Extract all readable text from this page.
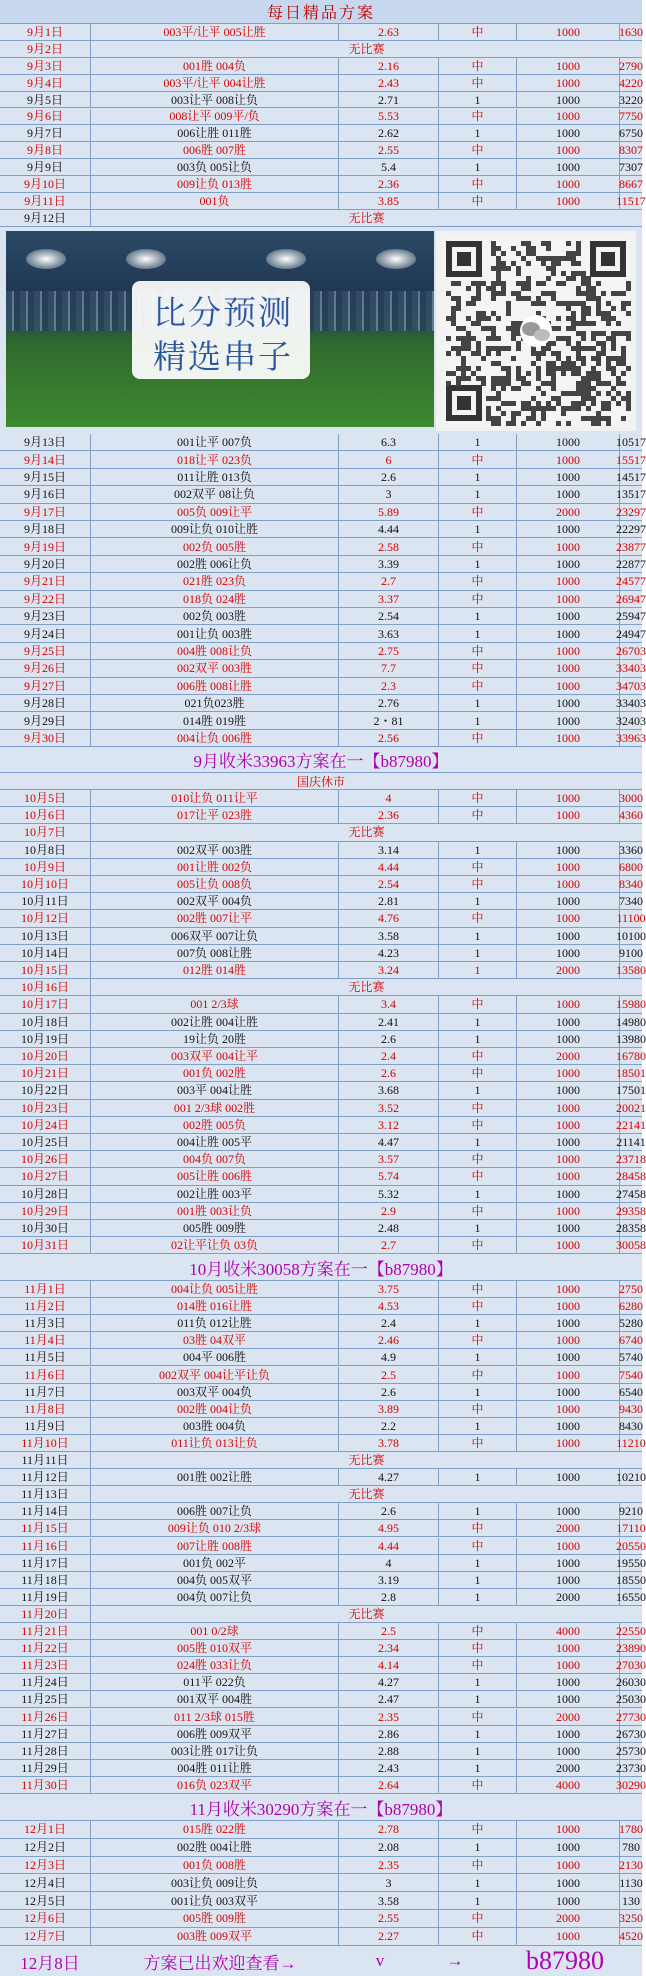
每日精品方案
9月1日	003平/让平 005让胜	2.63	中	1000	1630
9月2日	无比赛
9月3日	001胜 004负	2.16	中	1000	2790
9月4日	003平/让平 004让胜	2.43	中	1000	4220
9月5日	003让平 008让负	2.71	1	1000	3220
9月6日	008让平 009平/负	5.53	中	1000	7750
9月7日	006让胜 011胜	2.62	1	1000	6750
9月8日	006胜 007胜	2.55	中	1000	8307
9月9日	003负 005让负	5.4	1	1000	7307
9月10日	009让负 013胜	2.36	中	1000	8667
9月11日	001负	3.85	中	1000	11517
9月12日	无比赛
比分预测
精选串子
9月13日	001让平 007负	6.3	1	1000	10517
9月14日	018让平 023负	6	中	1000	15517
9月15日	011让胜 013负	2.6	1	1000	14517
9月16日	002双平 08让负	3	1	1000	13517
9月17日	005负 009让平	5.89	中	2000	23297
9月18日	009让负 010让胜	4.44	1	1000	22297
9月19日	002负 005胜	2.58	中	1000	23877
9月20日	002胜 006让负	3.39	1	1000	22877
9月21日	021胜 023负	2.7	中	1000	24577
9月22日	018负 024胜	3.37	中	1000	26947
9月23日	002负 003胜	2.54	1	1000	25947
9月24日	001让负 003胜	3.63	1	1000	24947
9月25日	004胜 008让负	2.75	中	1000	26703
9月26日	002双平 003胜	7.7	中	1000	33403
9月27日	006胜 008让胜	2.3	中	1000	34703
9月28日	021负023胜	2.76	1	1000	33403
9月29日	014胜 019胜	2・81	1	1000	32403
9月30日	004让负 006胜	2.56	中	1000	33963
9月收米33963方案在一【b87980】
国庆休市
10月5日	010让负 011让平	4	中	1000	3000
10月6日	017让平 023胜	2.36	中	1000	4360
10月7日	无比赛
10月8日	002双平 003胜	3.14	1	1000	3360
10月9日	001让胜 002负	4.44	中	1000	6800
10月10日	005让负 008负	2.54	中	1000	8340
10月11日	002双平 004负	2.81	1	1000	7340
10月12日	002胜 007让平	4.76	中	1000	11100
10月13日	006双平 007让负	3.58	1	1000	10100
10月14日	007负 008让胜	4.23	1	1000	9100
10月15日	012胜 014胜	3.24	1	2000	13580
10月16日	无比赛
10月17日	001 2/3球	3.4	中	1000	15980
10月18日	002让胜 004让胜	2.41	1	1000	14980
10月19日	19让负 20胜	2.6	1	1000	13980
10月20日	003双平 004让平	2.4	中	2000	16780
10月21日	001负 002胜	2.6	中	1000	18501
10月22日	003平 004让胜	3.68	1	1000	17501
10月23日	001 2/3球 002胜	3.52	中	1000	20021
10月24日	002胜 005负	3.12	中	1000	22141
10月25日	004让胜 005平	4.47	1	1000	21141
10月26日	004负 007负	3.57	中	1000	23718
10月27日	005让胜 006胜	5.74	中	1000	28458
10月28日	002让胜 003平	5.32	1	1000	27458
10月29日	001胜 003让负	2.9	中	1000	29358
10月30日	005胜 009胜	2.48	1	1000	28358
10月31日	02让平让负 03负	2.7	中	1000	30058
10月收米30058方案在一【b87980】
11月1日	004让负 005让胜	3.75	中	1000	2750
11月2日	014胜 016让胜	4.53	中	1000	6280
11月3日	011负 012让胜	2.4	1	1000	5280
11月4日	03胜 04双平	2.46	中	1000	6740
11月5日	004平 006胜	4.9	1	1000	5740
11月6日	002双平 004让平让负	2.5	中	1000	7540
11月7日	003双平 004负	2.6	1	1000	6540
11月8日	002胜 004让负	3.89	中	1000	9430
11月9日	003胜 004负	2.2	1	1000	8430
11月10日	011让负 013让负	3.78	中	1000	11210
11月11日	无比赛
11月12日	001胜 002让胜	4.27	1	1000	10210
11月13日	无比赛
11月14日	006胜 007让负	2.6	1	1000	9210
11月15日	009让负 010 2/3球	4.95	中	2000	17110
11月16日	007让胜 008胜	4.44	中	1000	20550
11月17日	001负 002平	4	1	1000	19550
11月18日	004负 005双平	3.19	1	1000	18550
11月19日	004负 007让负	2.8	1	2000	16550
11月20日	无比赛
11月21日	001 0/2球	2.5	中	4000	22550
11月22日	005胜 010双平	2.34	中	1000	23890
11月23日	024胜 033让负	4.14	中	1000	27030
11月24日	011平 022负	4.27	1	1000	26030
11月25日	001双平 004胜	2.47	1	1000	25030
11月26日	011 2/3球 015胜	2.35	中	2000	27730
11月27日	006胜 009双平	2.86	1	1000	26730
11月28日	003让胜 017让负	2.88	1	1000	25730
11月29日	004胜 011让胜	2.43	1	2000	23730
11月30日	016负 023双平	2.64	中	4000	30290
11月收米30290方案在一【b87980】
12月1日	015胜 022胜	2.78	中	1000	1780
12月2日	002胜 004让胜	2.08	1	1000	780
12月3日	001负 008胜	2.35	中	1000	2130
12月4日	003让负 009让负	3	1	1000	1130
12月5日	001让负 003双平	3.58	1	1000	130
12月6日	005胜 009胜	2.55	中	2000	3250
12月7日	003胜 009双平	2.27	中	1000	4520
12月8日	方案已出欢迎查看→	v	→	b87980
